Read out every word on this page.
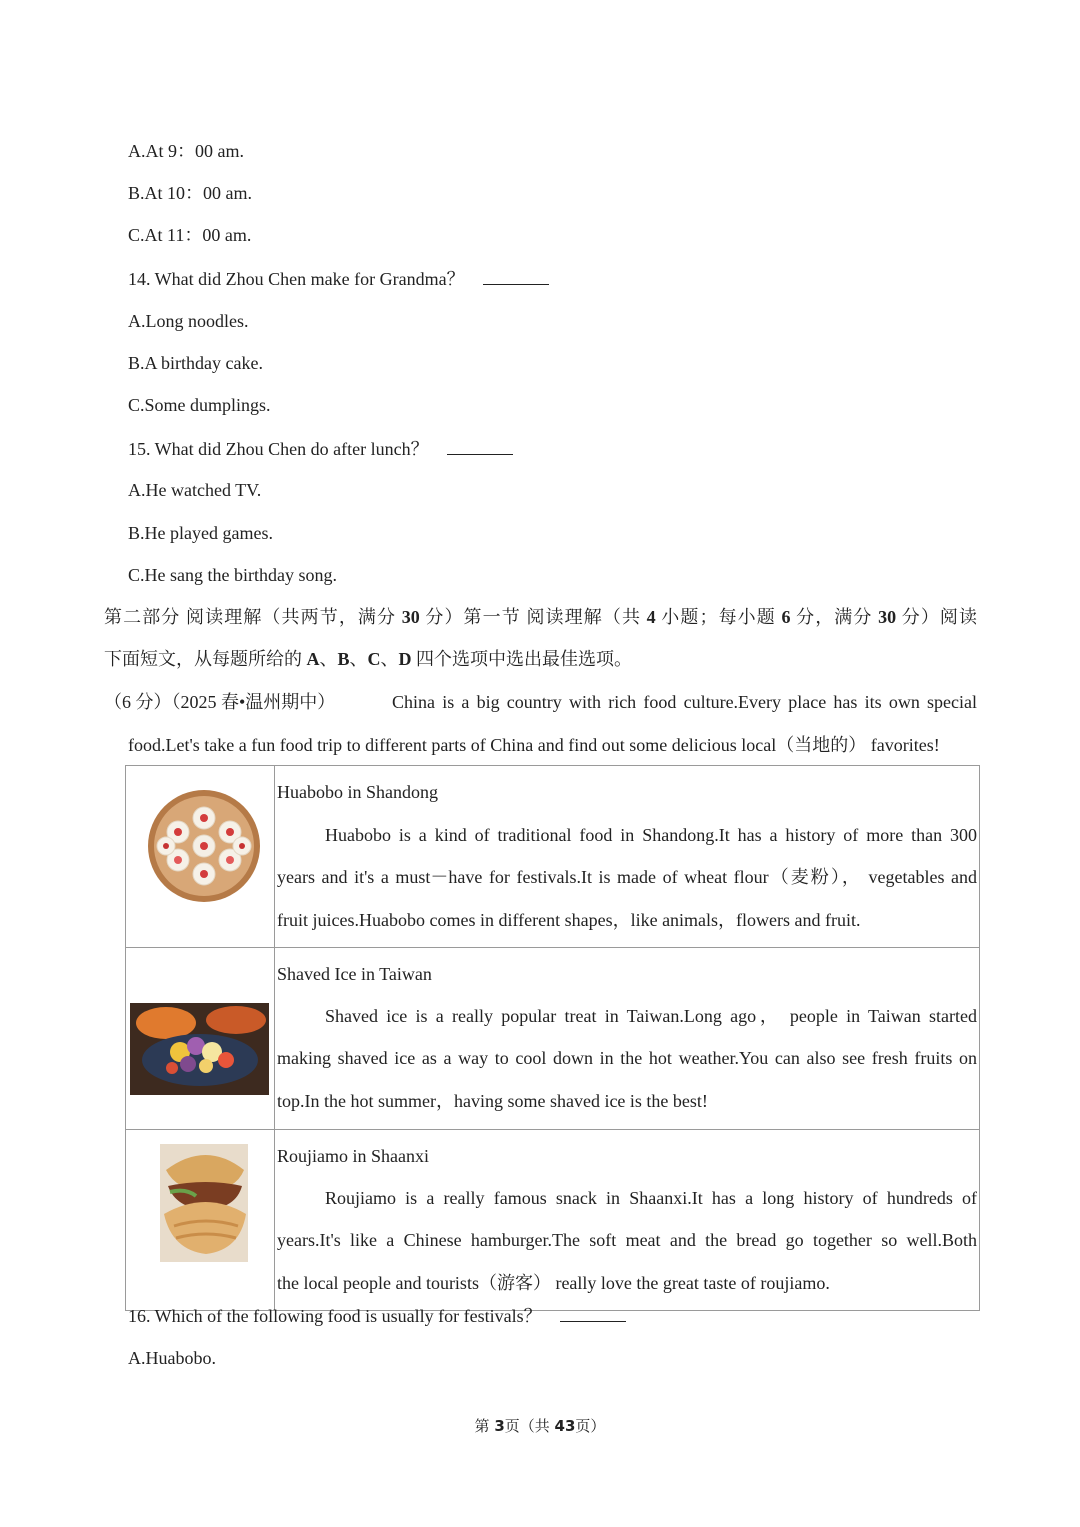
A.At 9：00 am.
B.At 10：00 am.
C.At 11：00 am.
14. What did Zhou Chen make for Grandma？
A.Long noodles.
B.A birthday cake.
C.Some dumplings.
15. What did Zhou Chen do after lunch？
A.He watched TV.
B.He played games.
C.He sang the birthday song.
第二部分 阅读理解（共两节，满分 30 分）第一节 阅读理解（共 4 小题；每小题 6 分，满分 30 分）阅读
下面短文，从每题所给的 A、B、C、D 四个选项中选出最佳选项。
（6 分）（2025 春•温州期中）	China is a big country with rich food culture.Every place has its own special
food.Let's take a fun food trip to different parts of China and find out some delicious local（当地的） favorites!

Huabobo in Shandong
Huabobo is a kind of traditional food in Shandong.It has a history of more than 300
years and it's a must－have for festivals.It is made of wheat flour（麦粉）， vegetables and
fruit juices.Huabobo comes in different shapes，like animals，flowers and fruit.

Shaved Ice in Taiwan
Shaved ice is a really popular treat in Taiwan.Long ago， people in Taiwan started
making shaved ice as a way to cool down in the hot weather.You can also see fresh fruits on
top.In the hot summer，having some shaved ice is the best!

Roujiamo in Shaanxi
Roujiamo is a really famous snack in Shaanxi.It has a long history of hundreds of
years.It's like a Chinese hamburger.The soft meat and the bread go together so well.Both
the local people and tourists（游客） really love the great taste of roujiamo.
16. Which of the following food is usually for festivals？
A.Huabobo.
第 3页（共 43页）
